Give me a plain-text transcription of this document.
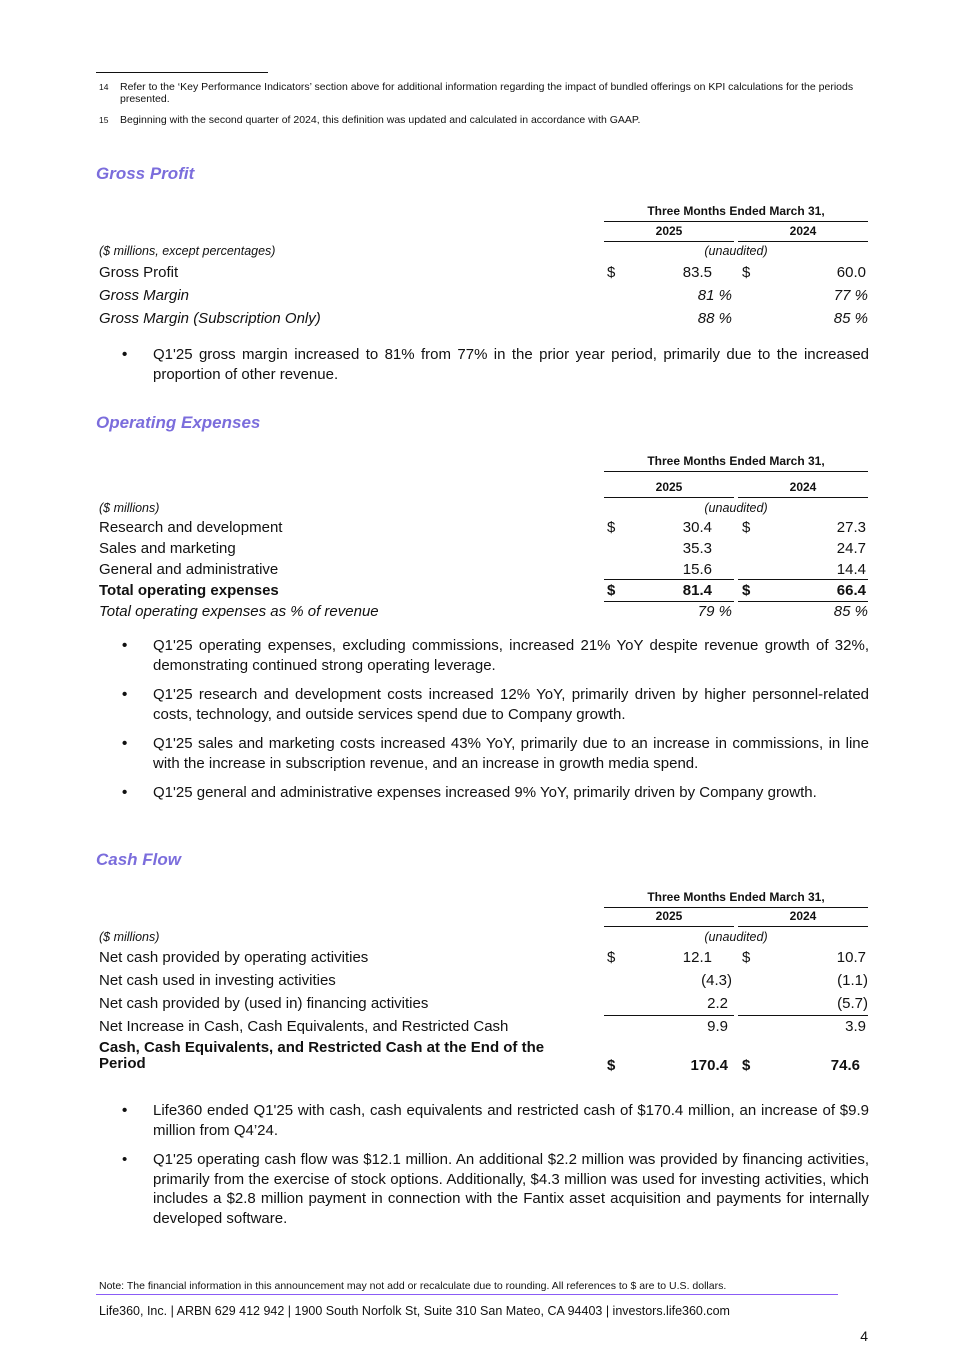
14	Refer to the ‘Key Performance Indicators’ section above for additional information regarding the impact of bundled offerings on KPI calculations for the periods presented.
15	Beginning with the second quarter of 2024, this definition was updated and calculated in accordance with GAAP.
Gross Profit
Three Months Ended March 31,
2025	2024
($ millions, except percentages)	(unaudited)
Gross Profit	$	83.5 $	60.0
Gross Margin	81 %	77 %
Gross Margin (Subscription Only)	88 %	85 %
•	Q1'25 gross margin increased to 81% from 77% in the prior year period, primarily due to the increased proportion of other revenue.
Operating Expenses
Three Months Ended March 31,
2025	2024
($ millions)	(unaudited)
Research and development	$	30.4 $	27.3
Sales and marketing	35.3	24.7
General and administrative	15.6	14.4
Total operating expenses	$	81.4 $	66.4
Total operating expenses as % of revenue	79 %	85 %
•	Q1'25 operating expenses, excluding commissions, increased 21% YoY despite revenue growth of 32%, demonstrating continued strong operating leverage.
•	Q1'25 research and development costs increased 12% YoY, primarily driven by higher personnel-related costs, technology, and outside services spend due to Company growth.
•	Q1'25 sales and marketing costs increased 43% YoY, primarily due to an increase in commissions, in line with the increase in subscription revenue, and an increase in growth media spend.
•	Q1'25 general and administrative expenses increased 9% YoY, primarily driven by Company growth.
Cash Flow
Three Months Ended March 31,
2025	2024
($ millions)	(unaudited)
Net cash provided by operating activities	$	12.1 $	10.7
Net cash used in investing activities	(4.3)	(1.1)
Net cash provided by (used in) financing activities	2.2	(5.7)
Net Increase in Cash, Cash Equivalents, and Restricted Cash	9.9	3.9
Cash, Cash Equivalents, and Restricted Cash at the End of the
Period	$	170.4 $	74.6
•	Life360 ended Q1'25 with cash, cash equivalents and restricted cash of $170.4 million, an increase of $9.9 million from Q4’24.
•	Q1'25 operating cash flow was $12.1 million. An additional $2.2 million was provided by financing activities, primarily from the exercise of stock options. Additionally, $4.3 million was used for investing activities, which includes a $2.8 million payment in connection with the Fantix asset acquisition and payments for internally developed software.
Note: The financial information in this announcement may not add or recalculate due to rounding. All references to $ are to U.S. dollars.
Life360, Inc. | ARBN 629 412 942 | 1900 South Norfolk St, Suite 310 San Mateo, CA 94403 | investors.life360.com
4
